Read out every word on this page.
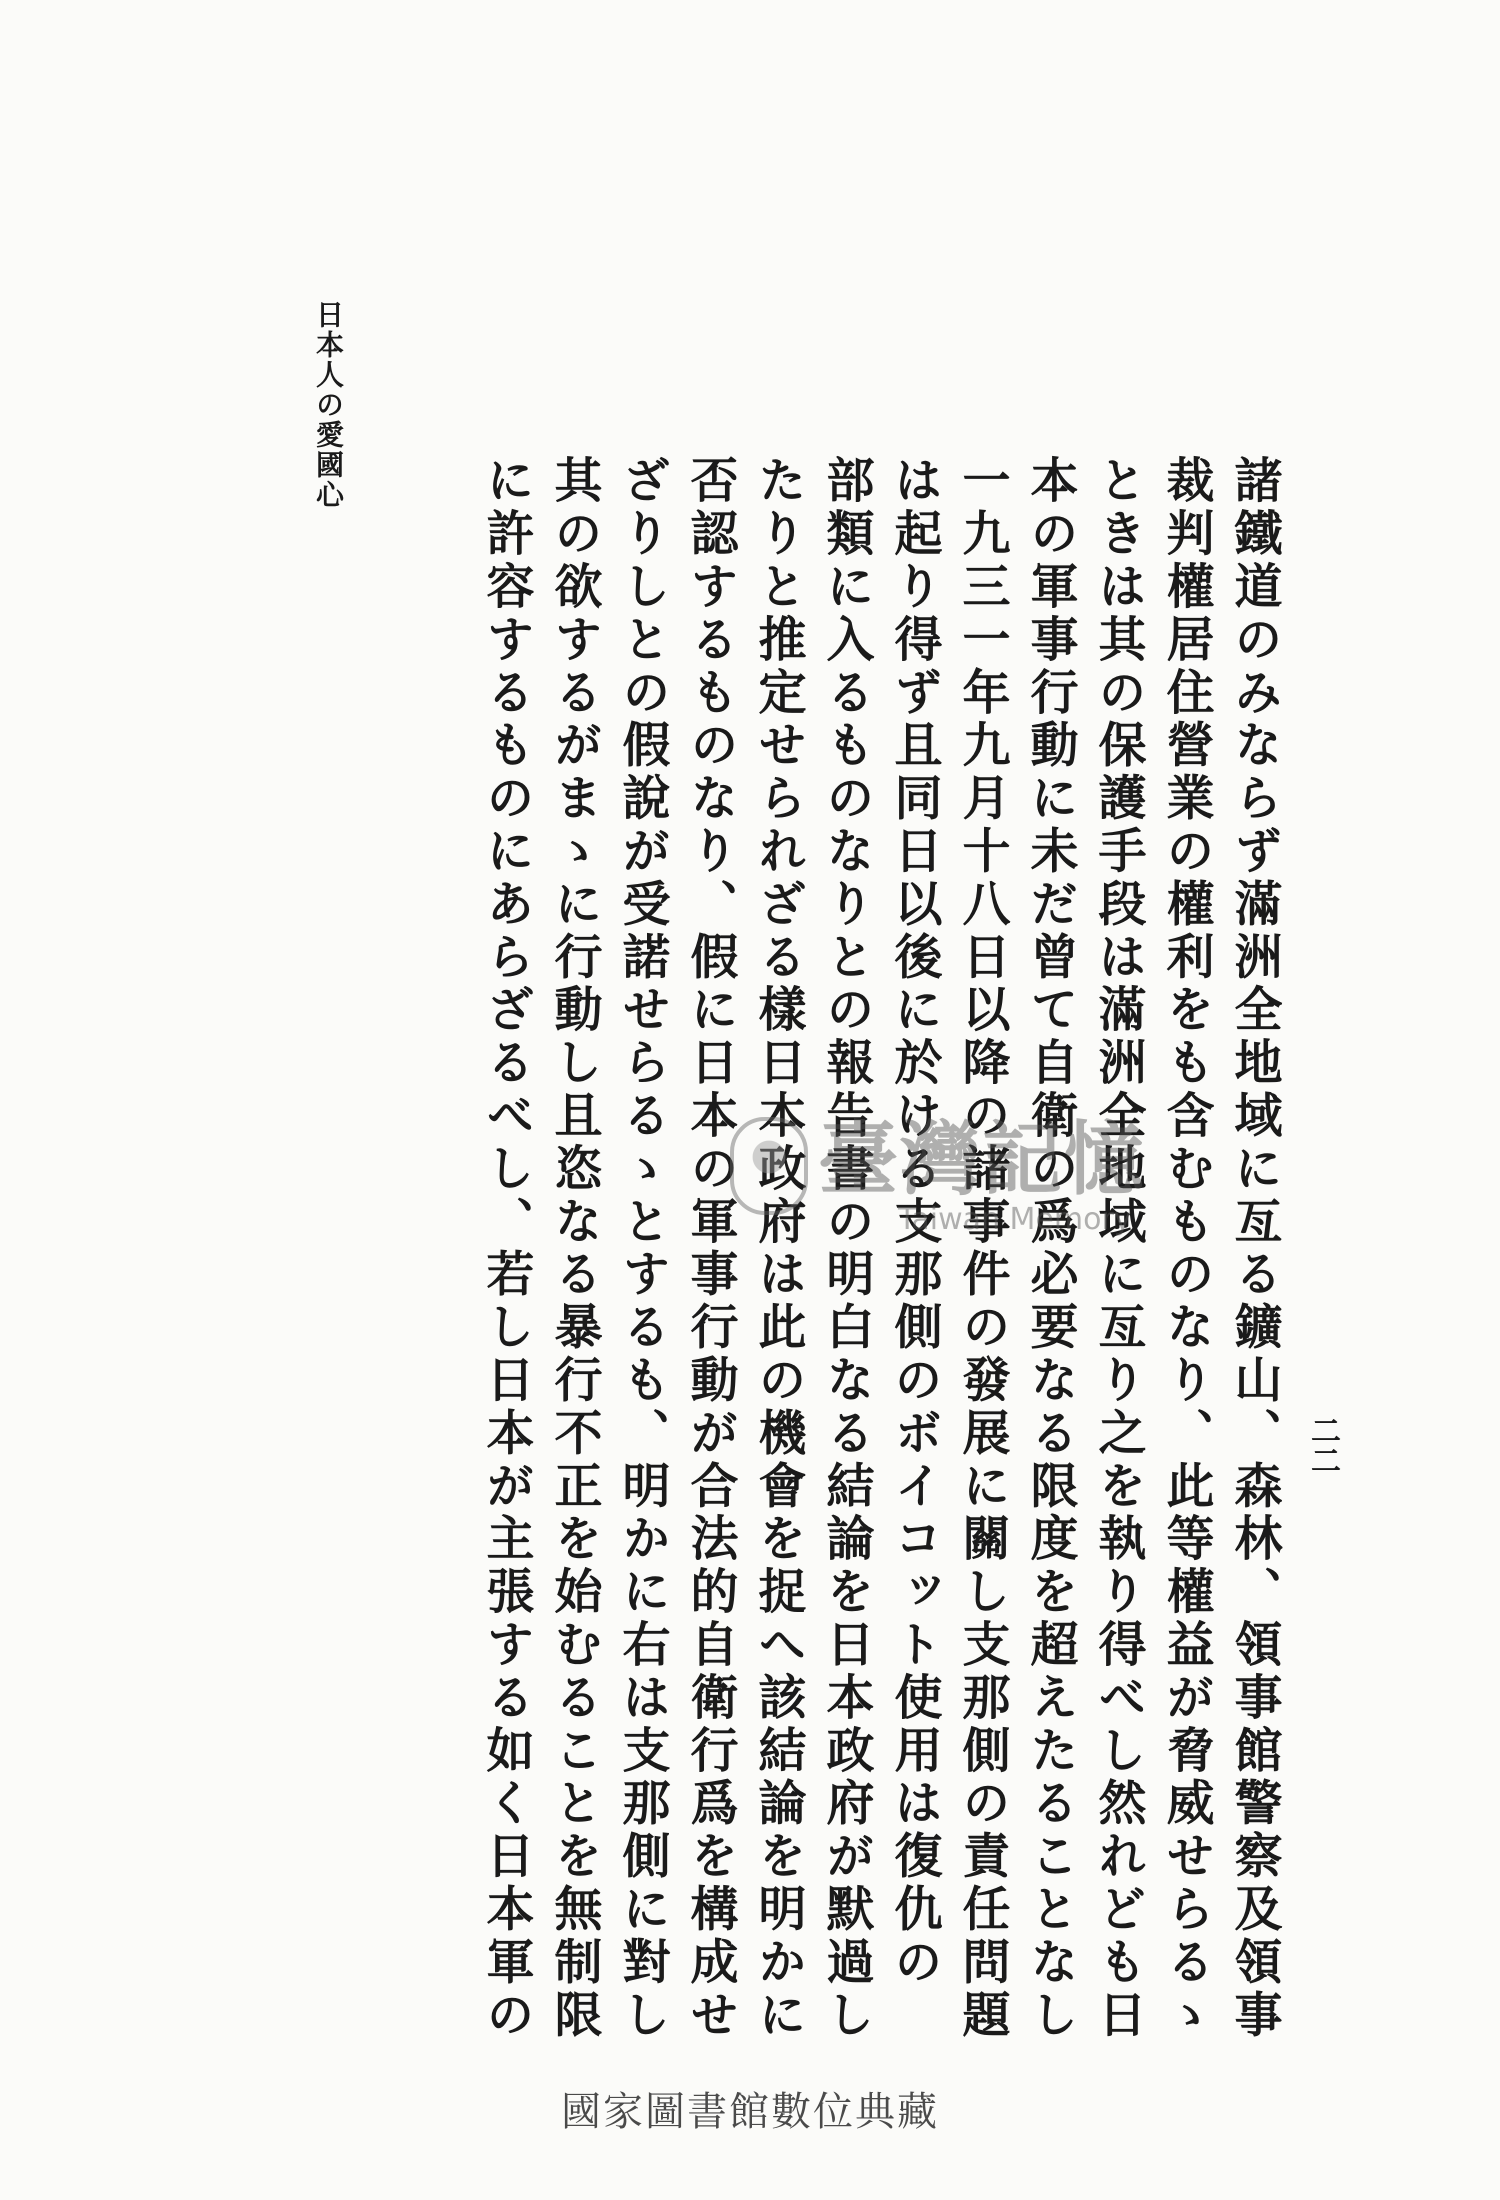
日本人の愛國心
二二
諸鐵道のみならず滿洲全地域に亙る鑛山、森林、領事館警察及領事
裁判權居住營業の權利をも含むものなり、此等權益が脅威せらるゝ
ときは其の保護手段は滿洲全地域に亙り之を執り得べし然れども日
本の軍事行動に未だ曾て自衛の爲必要なる限度を超えたることなし
一九三一年九月十八日以降の諸事件の發展に關し支那側の責任問題
は起り得ず且同日以後に於ける支那側のボイコット使用は復仇の
部類に入るものなりとの報告書の明白なる結論を日本政府が默過し
たりと推定せられざる樣日本政府は此の機會を捉へ該結論を明かに
否認するものなり、假に日本の軍事行動が合法的自衛行爲を構成せ
ざりしとの假說が受諾せらるゝとするも、明かに右は支那側に對し
其の欲するがまゝに行動し且恣なる暴行不正を始むることを無制限
に許容するものにあらざるべし、若し日本が主張する如く日本軍の	臺灣記憶
Taiwan Memory
國家圖書館數位典藏
